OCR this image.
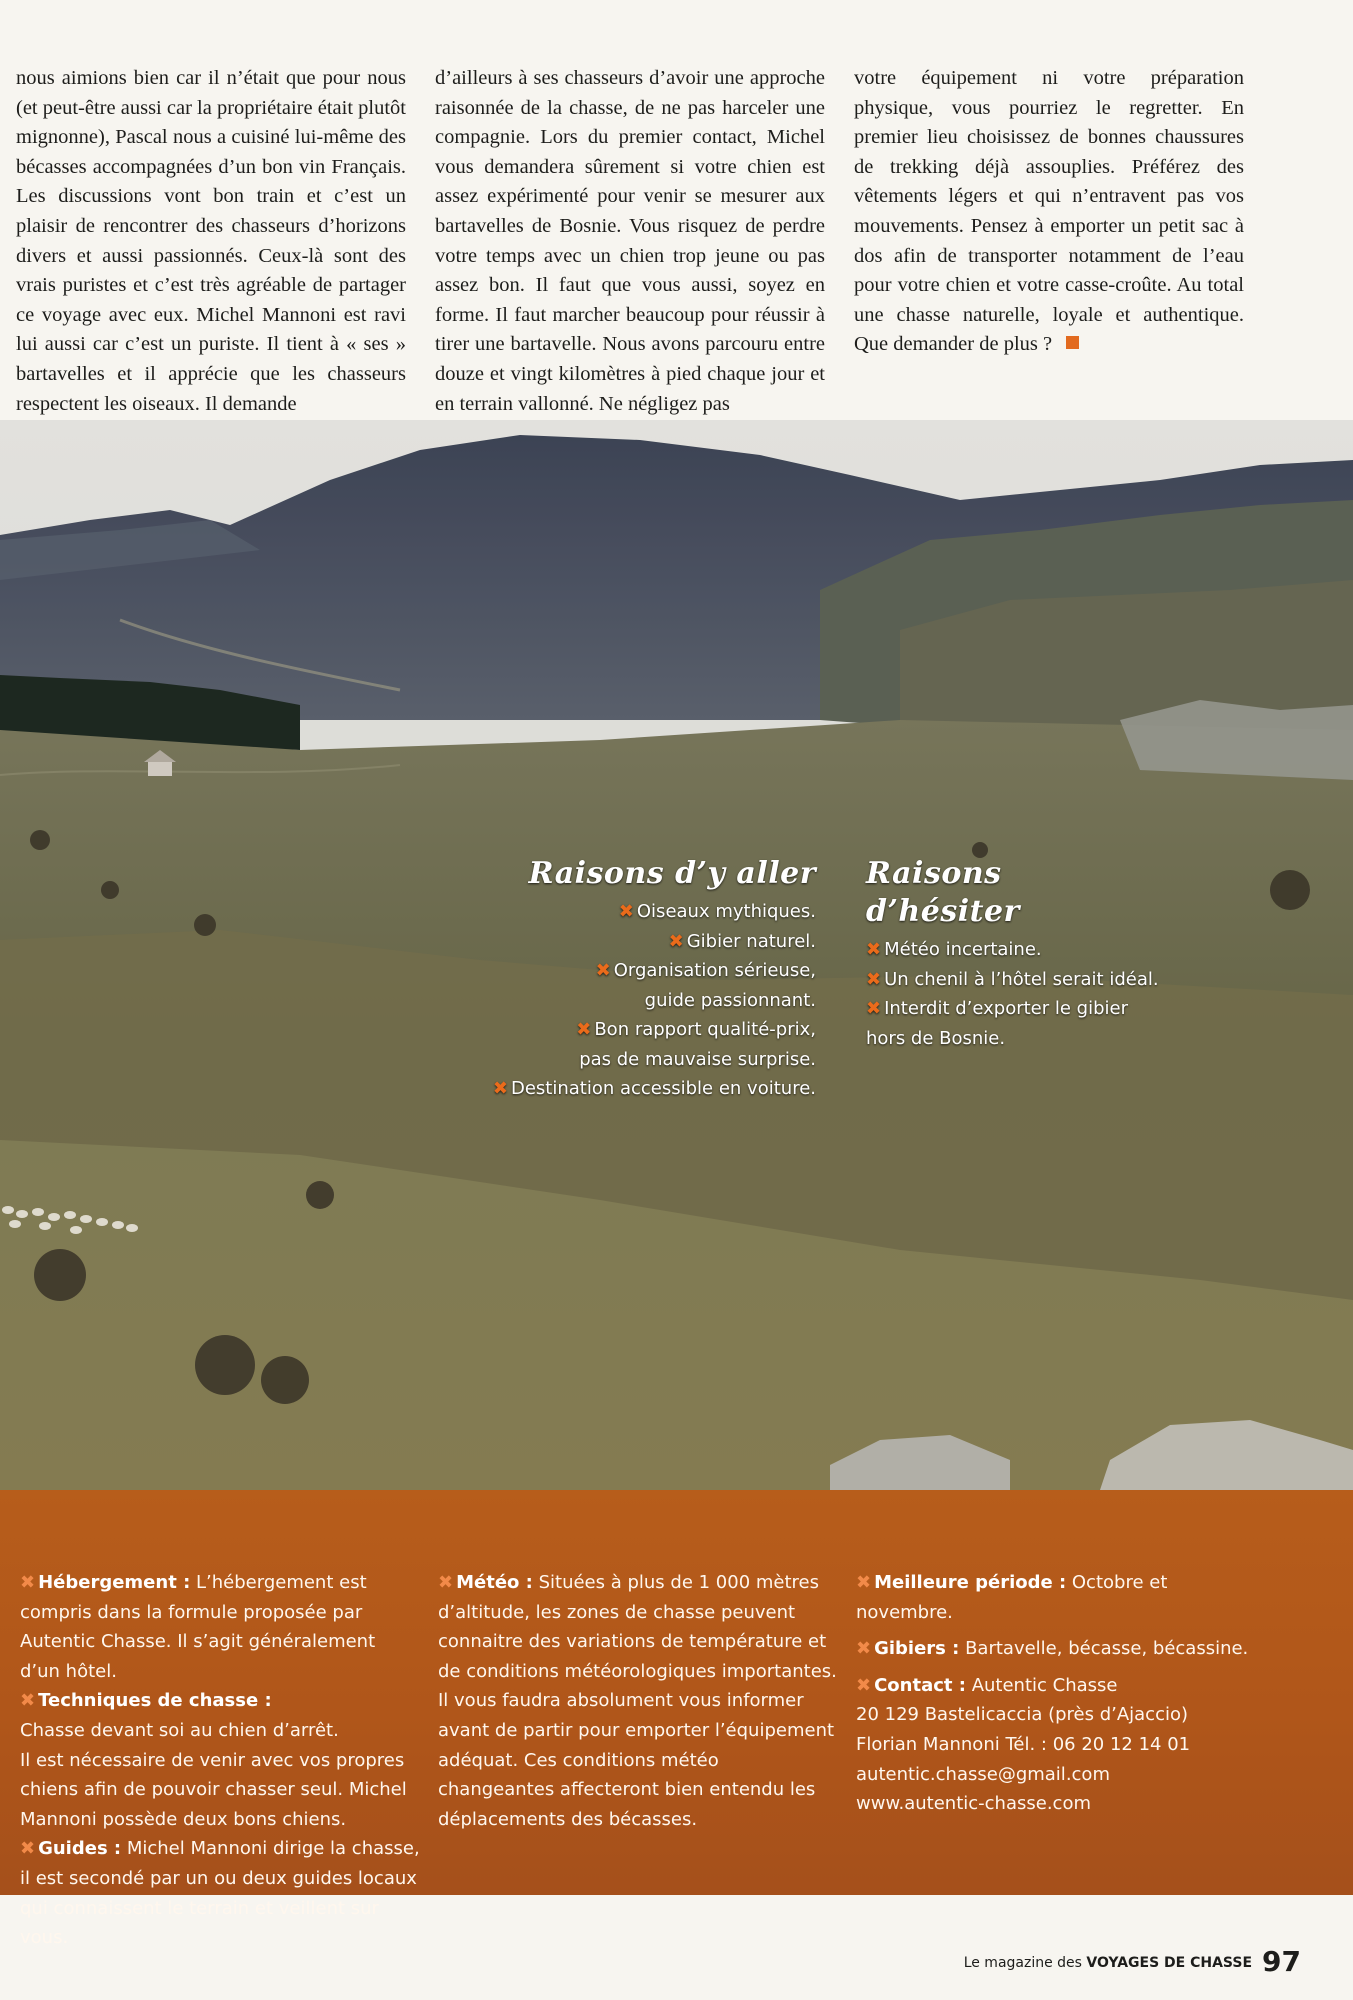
nous aimions bien car il n’était que pour nous (et peut-être aussi car la propriétaire était plutôt mignonne), Pascal nous a cuisiné lui-même des bécasses accompagnées d’un bon vin Français. Les discussions vont bon train et c’est un plaisir de rencontrer des chasseurs d’horizons divers et aussi passionnés. Ceux-là sont des vrais puristes et c’est très agréable de partager ce voyage avec eux. Michel Mannoni est ravi lui aussi car c’est un puriste. Il tient à « ses » bartavelles et il apprécie que les chasseurs respectent les oiseaux. Il demande

d’ailleurs à ses chasseurs d’avoir une approche raisonnée de la chasse, de ne pas harceler une compagnie. Lors du premier contact, Michel vous demandera sûrement si votre chien est assez expérimenté pour venir se mesurer aux bartavelles de Bosnie. Vous risquez de perdre votre temps avec un chien trop jeune ou pas assez bon. Il faut que vous aussi, soyez en forme. Il faut marcher beaucoup pour réussir à tirer une bartavelle. Nous avons parcouru entre douze et vingt kilomètres à pied chaque jour et en terrain vallonné. Ne négligez pas

votre équipement ni votre préparation physique, vous pourriez le regretter. En premier lieu choisissez de bonnes chaussures de trekking déjà assouplies. Préférez des vêtements légers et qui n’entravent pas vos mouvements. Pensez à emporter un petit sac à dos afin de transporter notamment de l’eau pour votre chien et votre casse-croûte. Au total une chasse naturelle, loyale et authentique. Que demander de plus ?

Raisons d’y aller
✖ Oiseaux mythiques.
✖ Gibier naturel.
✖ Organisation sérieuse,
guide passionnant.
✖ Bon rapport qualité-prix,
pas de mauvaise surprise.
✖ Destination accessible en voiture.
Raisons d’hésiter
✖ Météo incertaine.
✖ Un chenil à l’hôtel serait idéal.
✖ Interdit d’exporter le gibier
hors de Bosnie.

✖ Hébergement : L’hébergement est compris dans la formule proposée par Autentic Chasse. Il s’agit généralement d’un hôtel.

✖ Techniques de chasse :

Chasse devant soi au chien d’arrêt.

Il est nécessaire de venir avec vos propres chiens afin de pouvoir chasser seul. Michel Mannoni possède deux bons chiens.

✖ Guides : Michel Mannoni dirige la chasse, il est secondé par un ou deux guides locaux qui connaissent le terrain et veillent sur vous.

✖ Météo : Situées à plus de 1 000 mètres d’altitude, les zones de chasse peuvent connaitre des variations de température et de conditions météorologiques importantes. Il vous faudra absolument vous informer avant de partir pour emporter l’équipement adéquat. Ces conditions météo changeantes affecteront bien entendu les déplacements des bécasses.

✖ Meilleure période : Octobre et novembre.

✖ Gibiers : Bartavelle, bécasse, bécassine.

✖ Contact : Autentic Chasse

20 129 Bastelicaccia (près d’Ajaccio)

Florian Mannoni Tél. : 06 20 12 14 01

autentic.chasse@gmail.com

www.autentic-chasse.com

Le magazine des VOYAGES DE CHASSE 97
